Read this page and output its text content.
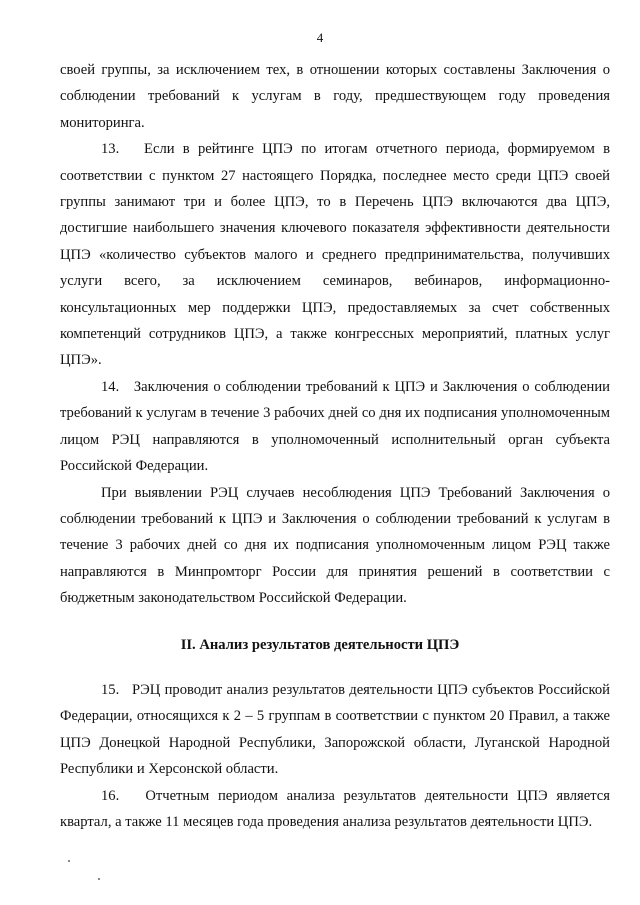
4

своей группы, за исключением тех, в отношении которых составлены Заключения о соблюдении требований к услугам в году, предшествующем году проведения мониторинга.

13.   Если в рейтинге ЦПЭ по итогам отчетного периода, формируемом в соответствии с пунктом 27 настоящего Порядка, последнее место среди ЦПЭ своей группы занимают три и более ЦПЭ, то в Перечень ЦПЭ включаются два ЦПЭ, достигшие наибольшего значения ключевого показателя эффективности деятельности ЦПЭ «количество субъектов малого и среднего предпринимательства, получивших услуги всего, за исключением семинаров, вебинаров, информационно-консультационных мер поддержки ЦПЭ, предоставляемых за счет собственных компетенций сотрудников ЦПЭ, а также конгрессных мероприятий, платных услуг ЦПЭ».

14.   Заключения о соблюдении требований к ЦПЭ и Заключения о соблюдении требований к услугам в течение 3 рабочих дней со дня их подписания уполномоченным лицом РЭЦ направляются в уполномоченный исполнительный орган субъекта Российской Федерации.

При выявлении РЭЦ случаев несоблюдения ЦПЭ Требований Заключения о соблюдении требований к ЦПЭ и Заключения о соблюдении требований к услугам в течение 3 рабочих дней со дня их подписания уполномоченным лицом РЭЦ также направляются в Минпромторг России для принятия решений в соответствии с бюджетным законодательством Российской Федерации.

II. Анализ результатов деятельности ЦПЭ

15.   РЭЦ проводит анализ результатов деятельности ЦПЭ субъектов Российской Федерации, относящихся к 2 – 5 группам в соответствии с пунктом 20 Правил, а также ЦПЭ Донецкой Народной Республики, Запорожской области, Луганской Народной Республики и Херсонской области.

16.   Отчетным периодом анализа результатов деятельности ЦПЭ является квартал, а также 11 месяцев года проведения анализа результатов деятельности ЦПЭ.
